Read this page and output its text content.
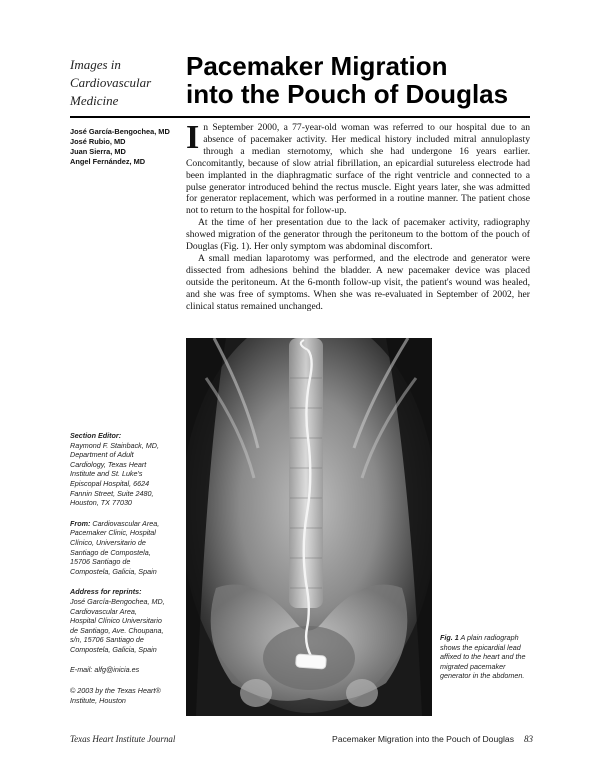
Images in
Cardiovascular
Medicine
Pacemaker Migration
into the Pouch of Douglas
José García-Bengochea, MD
José Rubio, MD
Juan Sierra, MD
Angel Fernández, MD

In September 2000, a 77-year-old woman was referred to our hospital due to an absence of pacemaker activity. Her medical history included mitral annuloplasty through a median sternotomy, which she had undergone 16 years earlier. Concomitantly, because of slow atrial fibrillation, an epicardial sutureless electrode had been implanted in the diaphragmatic surface of the right ventricle and connected to a pulse generator introduced behind the rectus muscle. Eight years later, she was admitted for generator replacement, which was performed in a routine manner. The patient chose not to return to the hospital for follow-up.

At the time of her presentation due to the lack of pacemaker activity, radiography showed migration of the generator through the peritoneum to the bottom of the pouch of Douglas (Fig. 1). Her only symptom was abdominal discomfort.

A small median laparotomy was performed, and the electrode and generator were dissected from adhesions behind the bladder. A new pacemaker device was placed outside the peritoneum. At the 6-month follow-up visit, the patient's wound was healed, and she was free of symptoms. When she was re-evaluated in September of 2002, her clinical status remained unchanged.

Section Editor:
Raymond F. Stainback, MD,
Department of Adult
Cardiology, Texas Heart
Institute and St. Luke's
Episcopal Hospital, 6624
Fannin Street, Suite 2480,
Houston, TX 77030
From: Cardiovascular Area,
Pacemaker Clinic, Hospital
Clínico, Universitario de
Santiago de Compostela,
15706 Santiago de
Compostela, Galicia, Spain
Address for reprints:
José García-Bengochea, MD,
Cardiovascular Area,
Hospital Clínico Universitario
de Santiago, Ave. Choupana,
s/n, 15706 Santiago de
Compostela, Galicia, Spain
E-mail: alfg@inicia.es
© 2003 by the Texas Heart®
Institute, Houston
Fig. 1 A plain radiograph shows the epicardial lead affixed to the heart and the migrated pacemaker generator in the abdomen.
Texas Heart Institute Journal	Pacemaker Migration into the Pouch of Douglas 83
